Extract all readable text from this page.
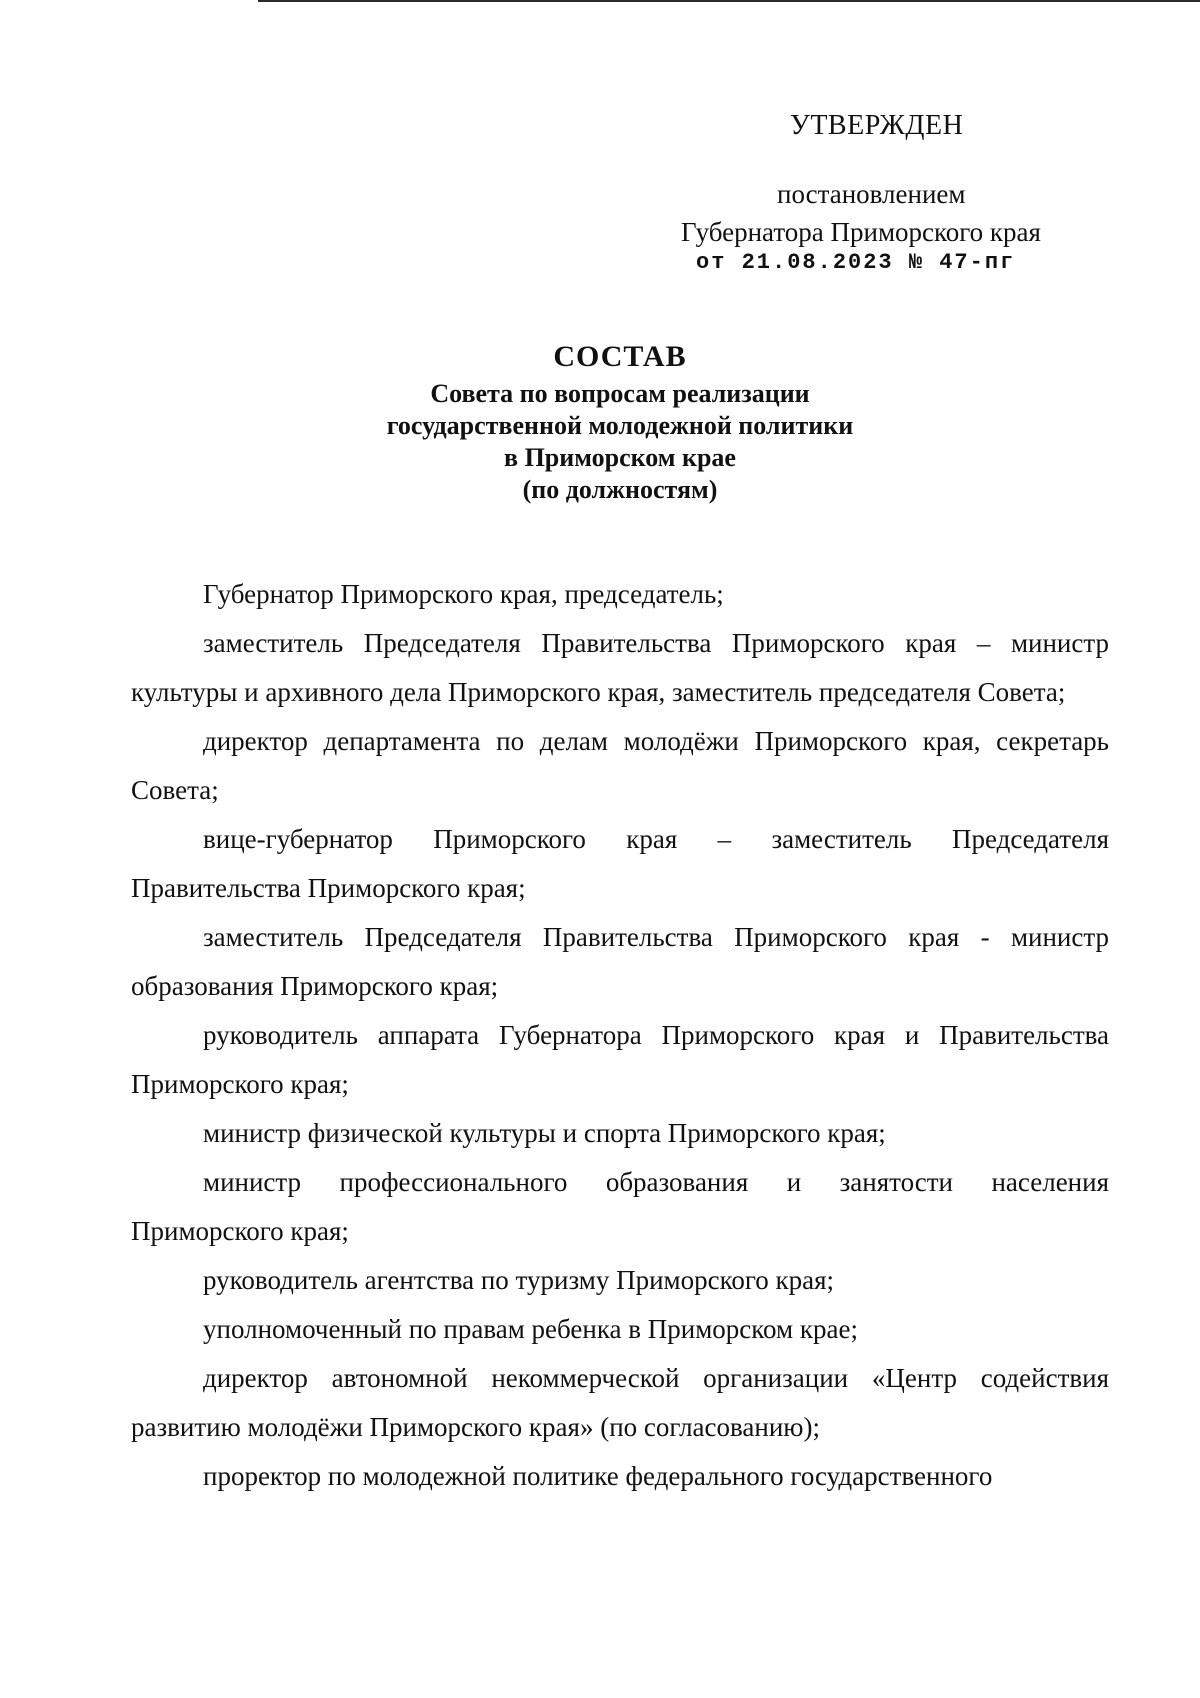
УТВЕРЖДЕН
постановлением
Губернатора Приморского края
от 21.08.2023 № 47-пг
СОСТАВ
Совета по вопросам реализации
государственной молодежной политики
в Приморском крае
(по должностям)

Губернатор Приморского края, председатель;

заместитель Председателя Правительства Приморского края – министр культуры и архивного дела Приморского края, заместитель председателя Совета;

директор департамента по делам молодёжи Приморского края, секретарь Совета;

вице-губернатор Приморского края – заместитель Председателя Правительства Приморского края;

заместитель Председателя Правительства Приморского края - министр образования Приморского края;

руководитель аппарата Губернатора Приморского края и Правительства Приморского края;

министр физической культуры и спорта Приморского края;

министр профессионального образования и занятости населения Приморского края;

руководитель агентства по туризму Приморского края;

уполномоченный по правам ребенка в Приморском крае;

директор автономной некоммерческой организации «Центр содействия развитию молодёжи Приморского края» (по согласованию);

проректор по молодежной политике федерального государственного
